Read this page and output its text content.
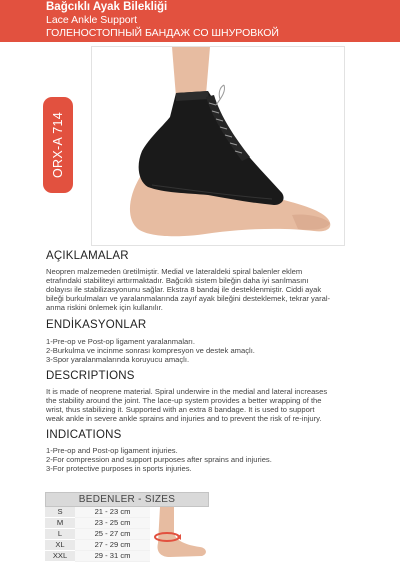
Bağcıklı Ayak Bilekliği
Lace Ankle Support
ГОЛЕНОСТОПНЫЙ БАНДАЖ СО ШНУРОВКОЙ
ORX-A 714
AÇIKLAMALAR
Neopren malzemeden üretilmiştir. Medial ve lateraldeki spiral balenler eklem
etrafındaki stabiliteyi arttırmaktadır. Bağcıklı sistem bileğin daha iyi sarılmasını
dolayısı ile stabilizasyonunu sağlar. Ekstra 8 bandaj ile desteklenmiştir. Ciddi ayak
bileği burkulmaları ve yaralanmalarında zayıf ayak bileğini desteklemek, tekrar yaral-
anma riskini önlemek için kullanılır.
ENDİKASYONLAR
1-Pre-op ve Post-op ligament yaralanmaları.
2-Burkulma ve incinme sonrası kompresyon ve destek amaçlı.
3-Spor yaralanmalarında koruyucu amaçlı.
DESCRIPTIONS
It is made of neoprene material. Spiral underwire in the medial and lateral increases
the stability around the joint. The lace-up system provides a better wrapping of the
wrist, thus stabilizing it. Supported with an extra 8 bandage. It is used to support
weak ankle in severe ankle sprains and injuries and to prevent the risk of re-injury.
INDICATIONS
1-Pre-op and Post-op ligament injuries.
2-For compression and support purposes after sprains and injuries.
3-For protective purposes in sports injuries.
BEDENLER - SIZES
S	21 - 23 cm
M	23 - 25 cm
L	25 - 27 cm
XL	27 - 29 cm
XXL	29 - 31 cm
